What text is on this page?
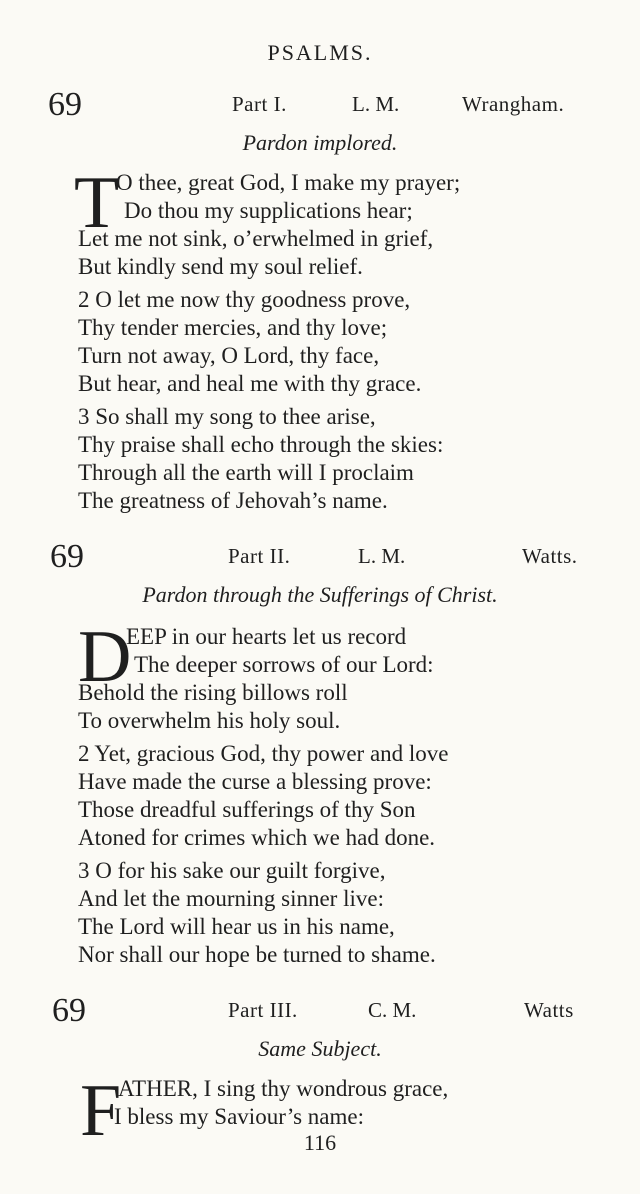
PSALMS.
69	Part I.	L. M.	Wrangham.
Pardon implored.
T
O thee, great God, I make my prayer;
Do thou my supplications hear;
Let me not sink, o’erwhelmed in grief,
But kindly send my soul relief.
2 O let me now thy goodness prove,
Thy tender mercies, and thy love;
Turn not away, O Lord, thy face,
But hear, and heal me with thy grace.
3 So shall my song to thee arise,
Thy praise shall echo through the skies:
Through all the earth will I proclaim
The greatness of Jehovah’s name.
69	Part II.	L. M.	Watts.
Pardon through the Sufferings of Christ.
D
EEP in our hearts let us record
The deeper sorrows of our Lord:
Behold the rising billows roll
To overwhelm his holy soul.
2 Yet, gracious God, thy power and love
Have made the curse a blessing prove:
Those dreadful sufferings of thy Son
Atoned for crimes which we had done.
3 O for his sake our guilt forgive,
And let the mourning sinner live:
The Lord will hear us in his name,
Nor shall our hope be turned to shame.
69	Part III.	C. M.	Watts
Same Subject.
F
ATHER, I sing thy wondrous grace,
I bless my Saviour’s name:
116
